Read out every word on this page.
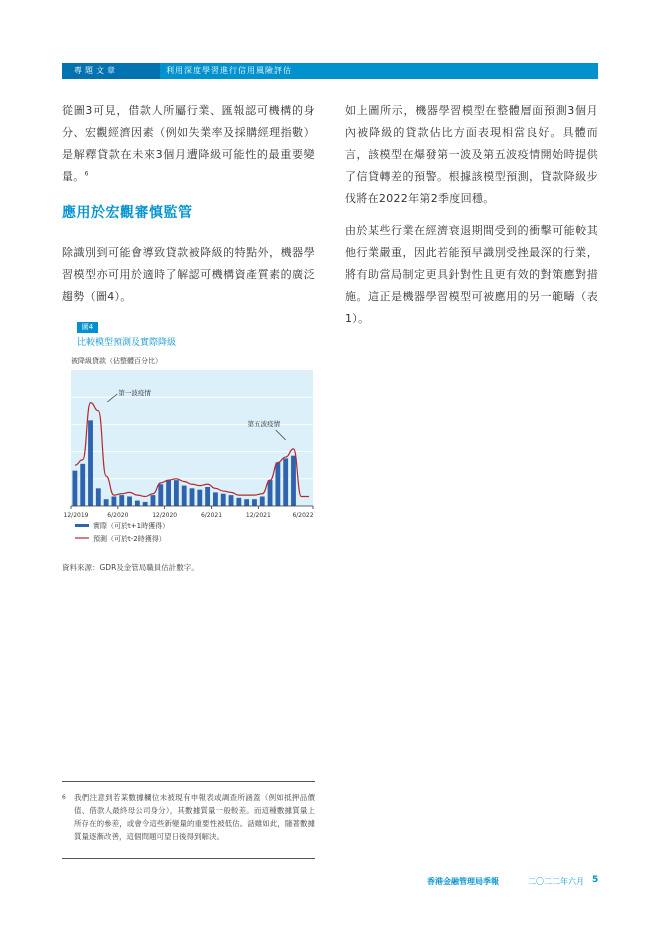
專題文章	利用深度學習進行信用風險評估

從圖3可見，借款人所屬行業、匯報認可機構的身分、宏觀經濟因素（例如失業率及採購經理指數）是解釋貸款在未來3個月遭降級可能性的最重要變量。$^6$

應用於宏觀審慎監管

除識別到可能會導致貸款被降級的特點外，機器學習模型亦可用於適時了解認可機構資產質素的廣泛趨勢（圖4）。

如上圖所示，機器學習模型在整體層面預測3個月內被降級的貸款佔比方面表現相當良好。具體而言，該模型在爆發第一波及第五波疫情開始時提供了信貸轉差的預警。根據該模型預測，貸款降級步伐將在2022年第2季度回穩。

由於某些行業在經濟衰退期間受到的衝擊可能較其他行業嚴重，因此若能預早識別受挫最深的行業，將有助當局制定更具針對性且更有效的對策應對措施。這正是機器學習模型可被應用的另一範疇（表1）。

圖4
比較模型預測及實際降級
被降級貸款（佔整體百分比）
12/2019	6/2020	12/2020	6/2021	12/2021	6/2022
第一波疫情
第五波疫情
實際（可於t+1時獲得）
預測（可於t-2時獲得）
資料來源：GDR及金管局職員估計數字。
6 我們注意到若某數據欄位未被現有申報表或調查所涵蓋（例如抵押品價值、借款人最終母公司身分），其數據質量一般較差。而這種數據質量上所存在的參差，或會令這些新變量的重要性被低估。話雖如此，隨著數據質量逐漸改善，這個問題可望日後得到解決。
香港金融管理局季報	二〇二二年六月 5
